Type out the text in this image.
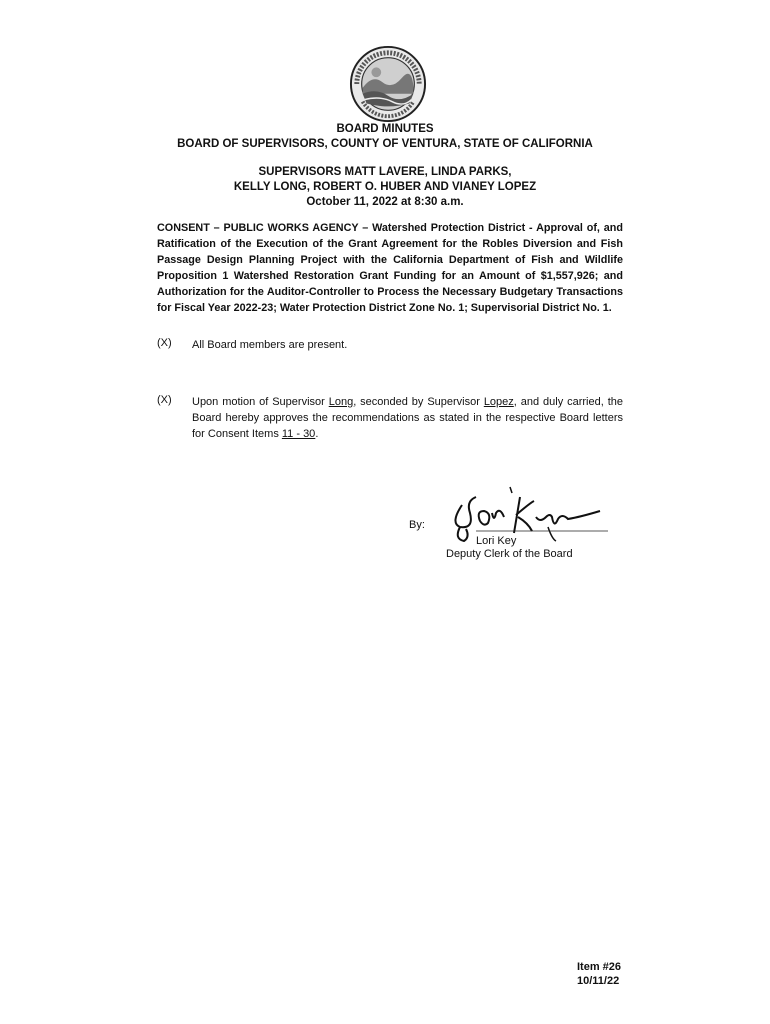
BOARD MINUTES
BOARD OF SUPERVISORS, COUNTY OF VENTURA, STATE OF CALIFORNIA
SUPERVISORS MATT LAVERE, LINDA PARKS,
KELLY LONG, ROBERT O. HUBER AND VIANEY LOPEZ
October 11, 2022 at 8:30 a.m.
CONSENT – PUBLIC WORKS AGENCY – Watershed Protection District - Approval of, and Ratification of the Execution of the Grant Agreement for the Robles Diversion and Fish Passage Design Planning Project with the California Department of Fish and Wildlife Proposition 1 Watershed Restoration Grant Funding for an Amount of $1,557,926; and Authorization for the Auditor-Controller to Process the Necessary Budgetary Transactions for Fiscal Year 2022-23; Water Protection District Zone No. 1; Supervisorial District No. 1.
(X) All Board members are present.
(X) Upon motion of Supervisor Long, seconded by Supervisor Lopez, and duly carried, the Board hereby approves the recommendations as stated in the respective Board letters for Consent Items 11 - 30.
By:
Lori Key
Deputy Clerk of the Board
Item #26
10/11/22
